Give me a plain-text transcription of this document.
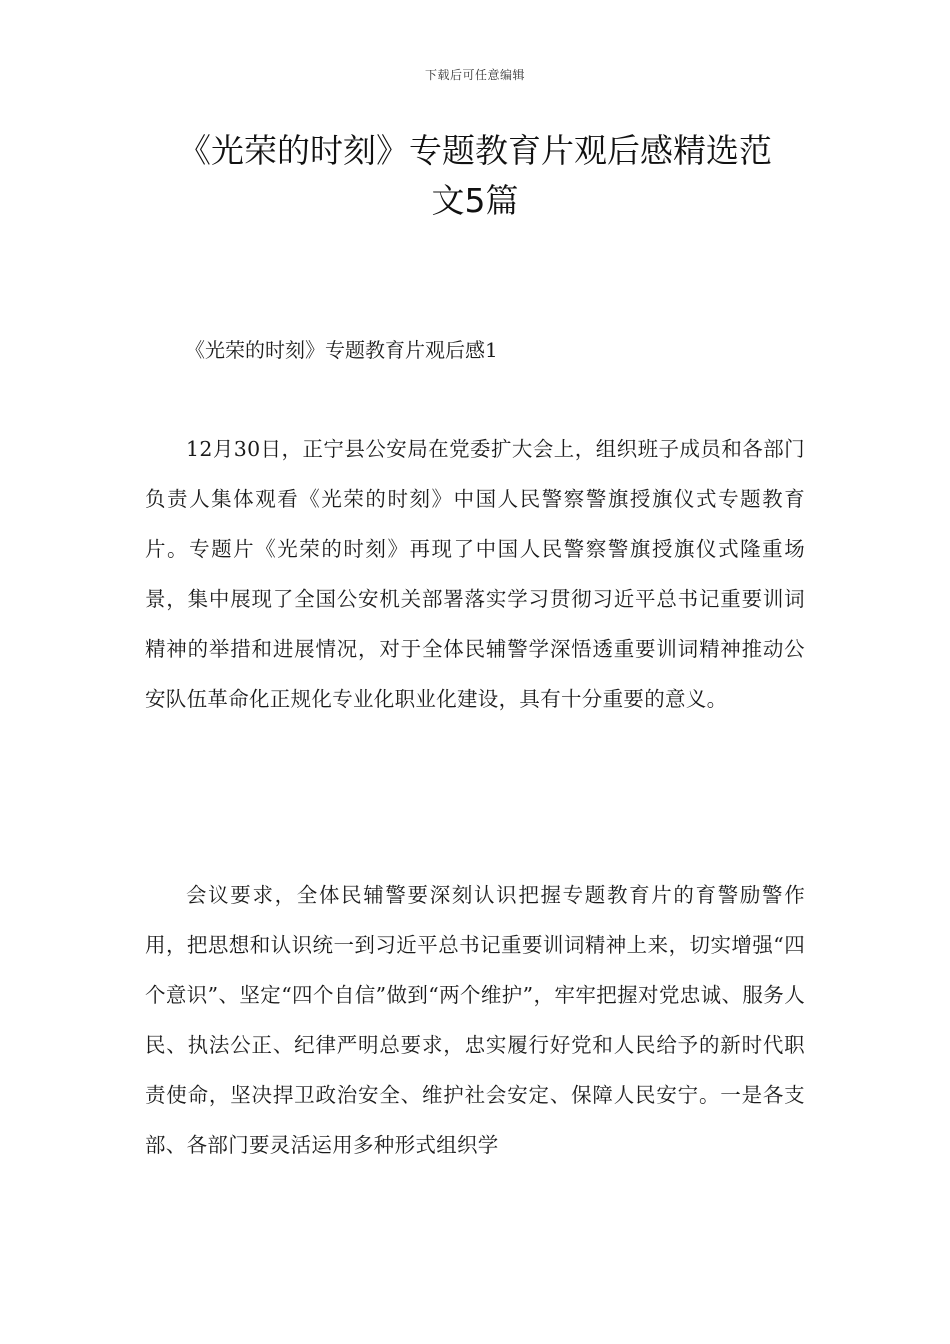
下载后可任意编辑
《光荣的时刻》专题教育片观后感精选范
文5篇
《光荣的时刻》专题教育片观后感1

12月30日，正宁县公安局在党委扩大会上，组织班子成员和各部门负责人集体观看《光荣的时刻》中国人民警察警旗授旗仪式专题教育片。专题片《光荣的时刻》再现了中国人民警察警旗授旗仪式隆重场景，集中展现了全国公安机关部署落实学习贯彻习近平总书记重要训词精神的举措和进展情况，对于全体民辅警学深悟透重要训词精神推动公安队伍革命化正规化专业化职业化建设，具有十分重要的意义。

会议要求，全体民辅警要深刻认识把握专题教育片的育警励警作用，把思想和认识统一到习近平总书记重要训词精神上来，切实增强“四个意识”、坚定“四个自信”做到“两个维护”，牢牢把握对党忠诚、服务人民、执法公正、纪律严明总要求，忠实履行好党和人民给予的新时代职责使命，坚决捍卫政治安全、维护社会安定、保障人民安宁。一是各支部、各部门要灵活运用多种形式组织学
